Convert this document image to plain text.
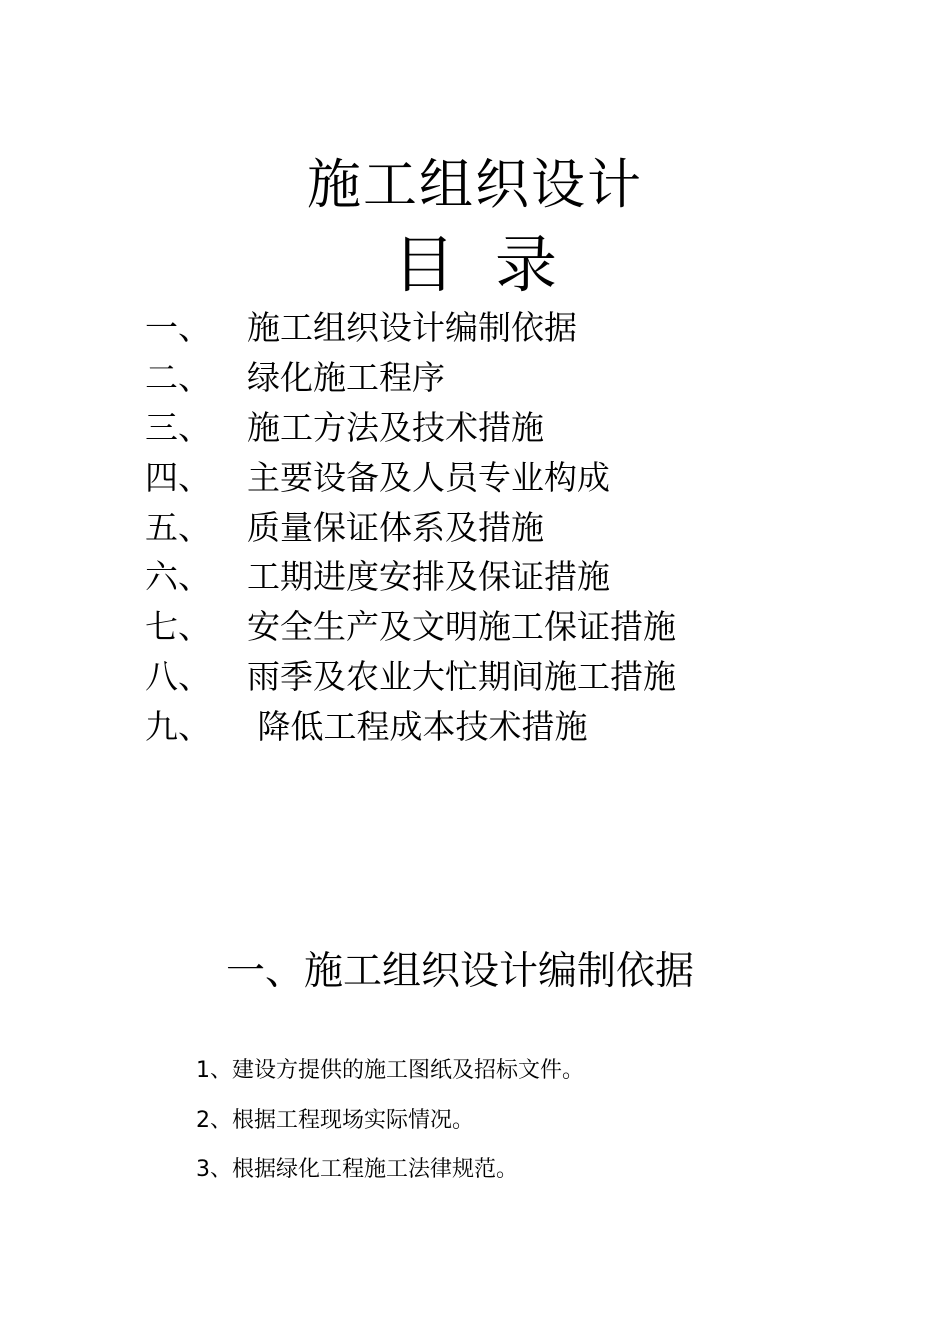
施工组织设计
目 录
一、	施工组织设计编制依据
二、	绿化施工程序
三、	施工方法及技术措施
四、	主要设备及人员专业构成
五、	质量保证体系及措施
六、	工期进度安排及保证措施
七、	安全生产及文明施工保证措施
八、	雨季及农业大忙期间施工措施
九、	降低工程成本技术措施
一、施工组织设计编制依据
1、建设方提供的施工图纸及招标文件。
2、根据工程现场实际情况。
3、根据绿化工程施工法律规范。
